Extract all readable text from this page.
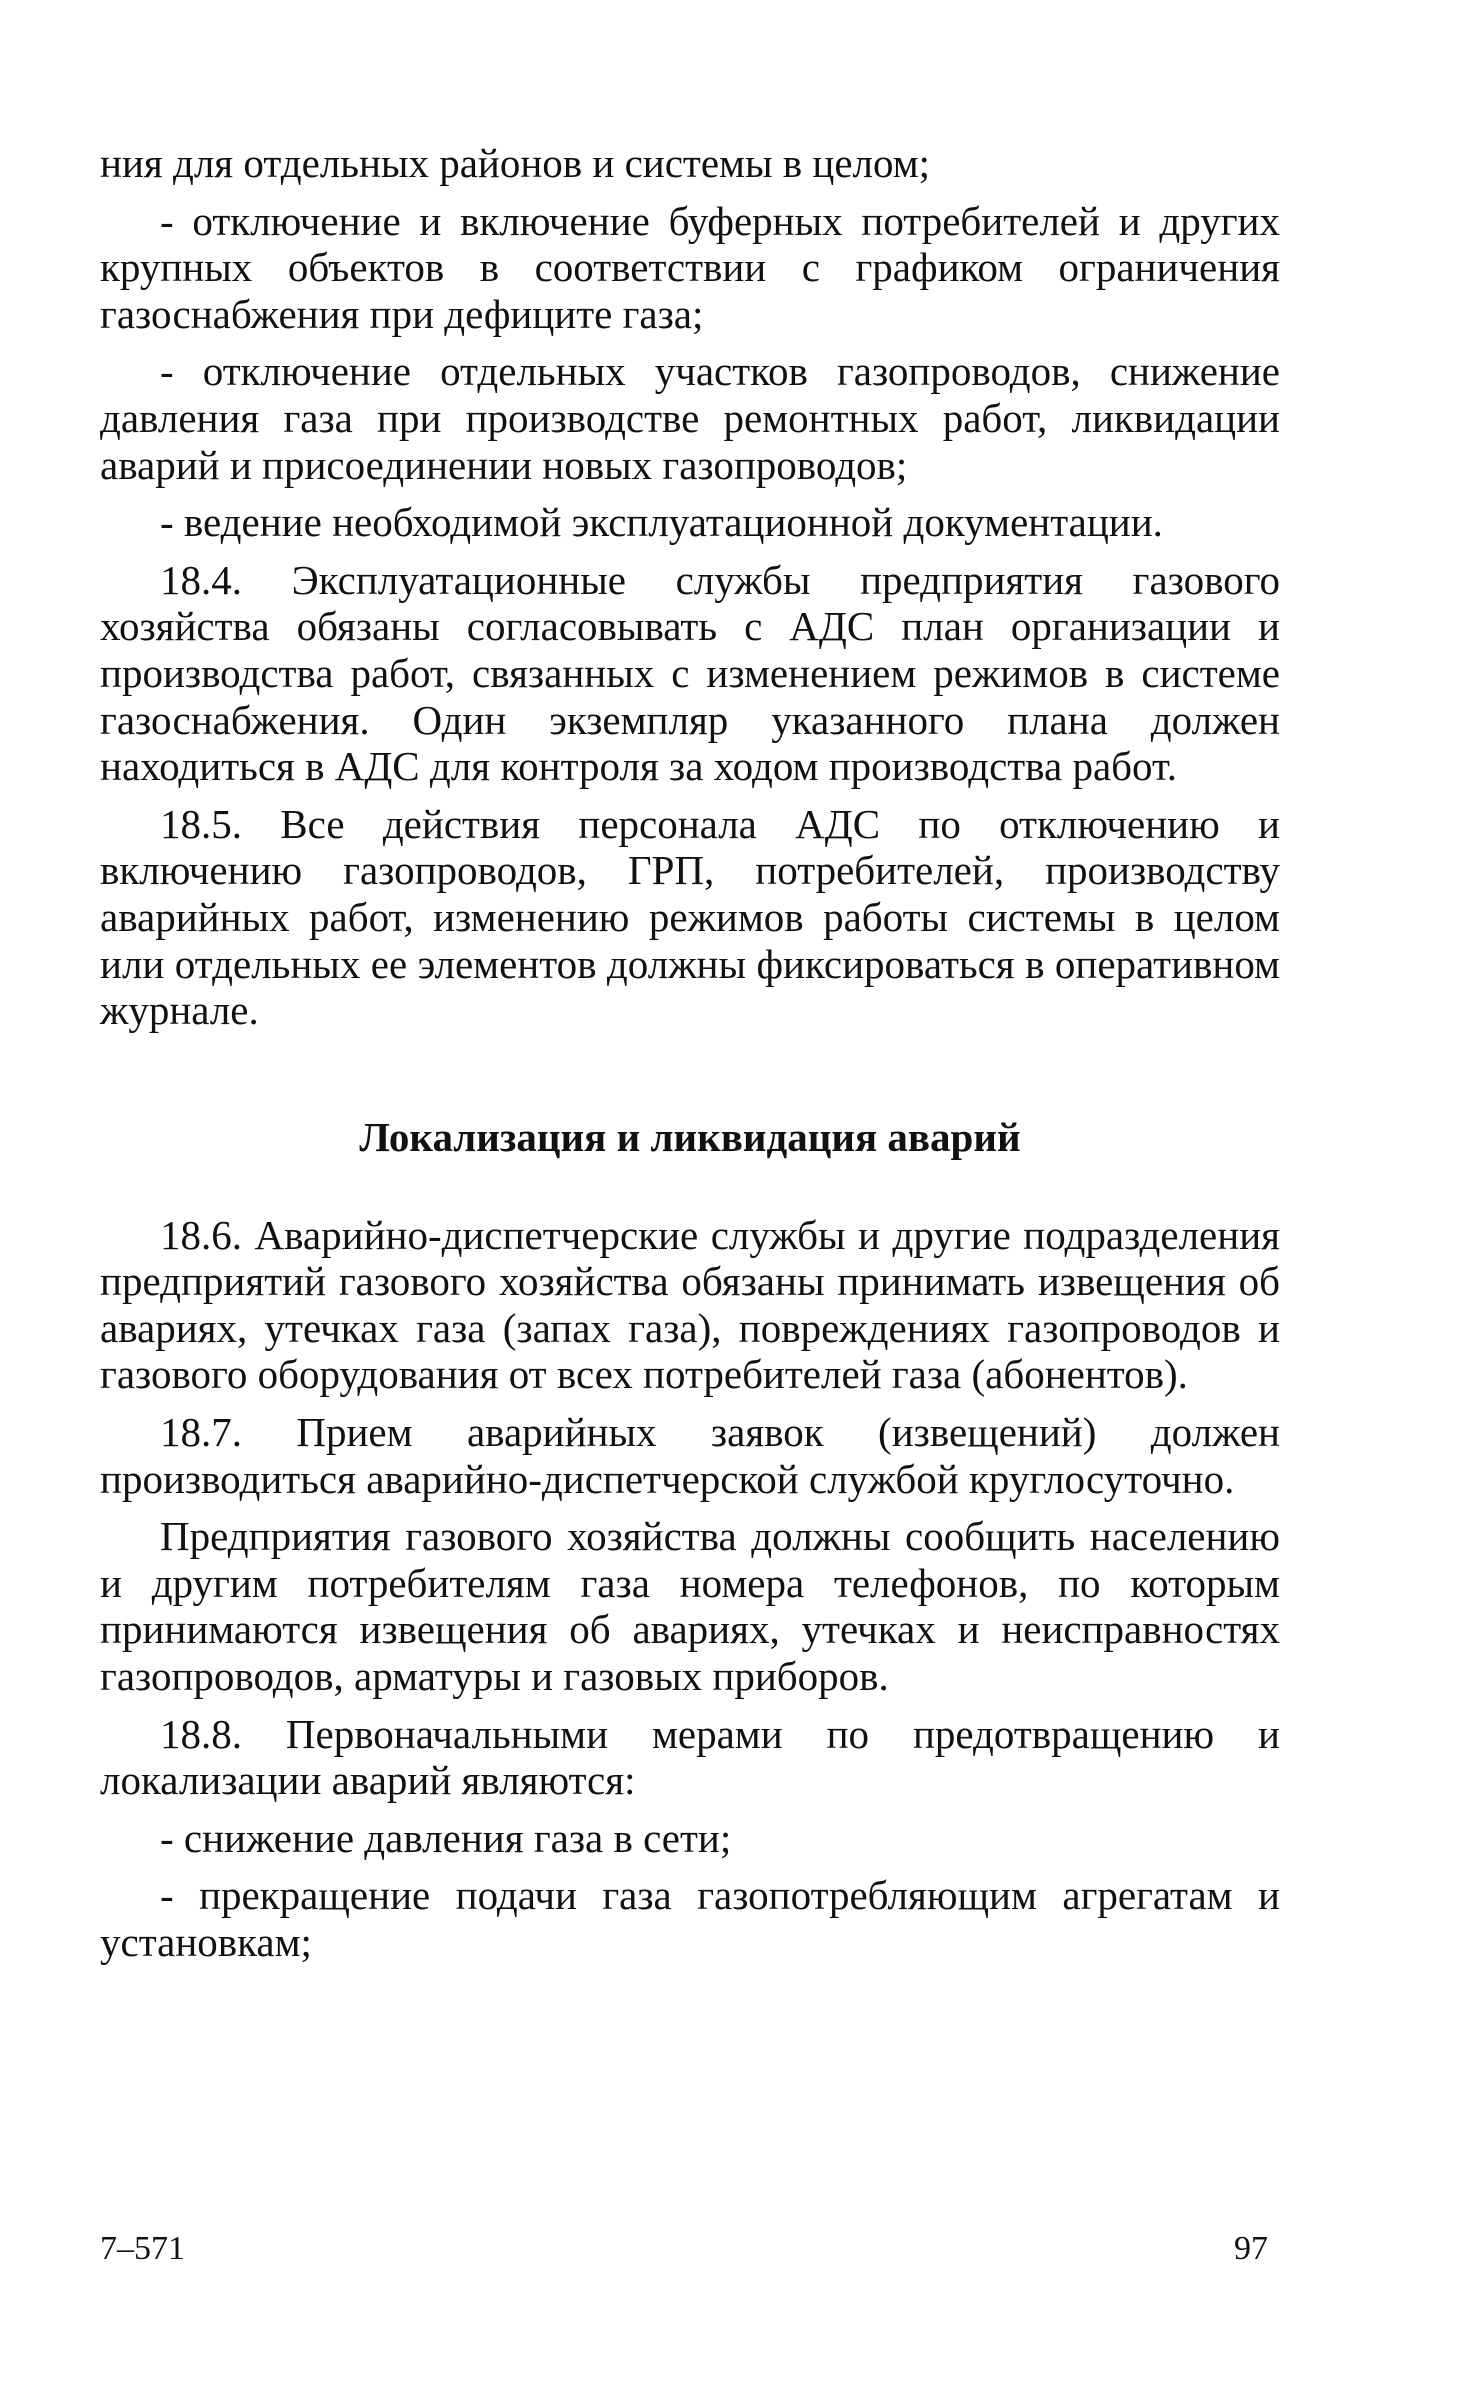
ния для отдельных районов и системы в целом;

- отключение и включение буферных потребителей и других крупных объектов в соответствии с графиком ограничения газоснабжения при дефиците газа;

- отключение отдельных участков газопроводов, снижение давления газа при производстве ремонтных работ, ликвидации аварий и присоединении новых газопроводов;

- ведение необходимой эксплуатационной документации.

18.4. Эксплуатационные службы предприятия газового хозяйства обязаны согласовывать с АДС план организации и производства работ, связанных с изменением режимов в системе газоснабжения. Один экземпляр указанного плана должен находиться в АДС для контроля за ходом производства работ.

18.5. Все действия персонала АДС по отключению и включению газопроводов, ГРП, потребителей, производству аварийных работ, изменению режимов работы системы в целом или отдельных ее элементов должны фиксироваться в оперативном журнале.

Локализация и ликвидация аварий

18.6. Аварийно-диспетчерские службы и другие подразделения предприятий газового хозяйства обязаны принимать извещения об авариях, утечках газа (запах газа), повреждениях газопроводов и газового оборудования от всех потребителей газа (абонентов).

18.7. Прием аварийных заявок (извещений) должен производиться аварийно-диспетчерской службой круглосуточно.

Предприятия газового хозяйства должны сообщить населению и другим потребителям газа номера телефонов, по которым принимаются извещения об авариях, утечках и неисправностях газопроводов, арматуры и газовых приборов.

18.8. Первоначальными мерами по предотвращению и локализации аварий являются:

- снижение давления газа в сети;

- прекращение подачи газа газопотребляющим агрегатам и установкам;

7–571	97
